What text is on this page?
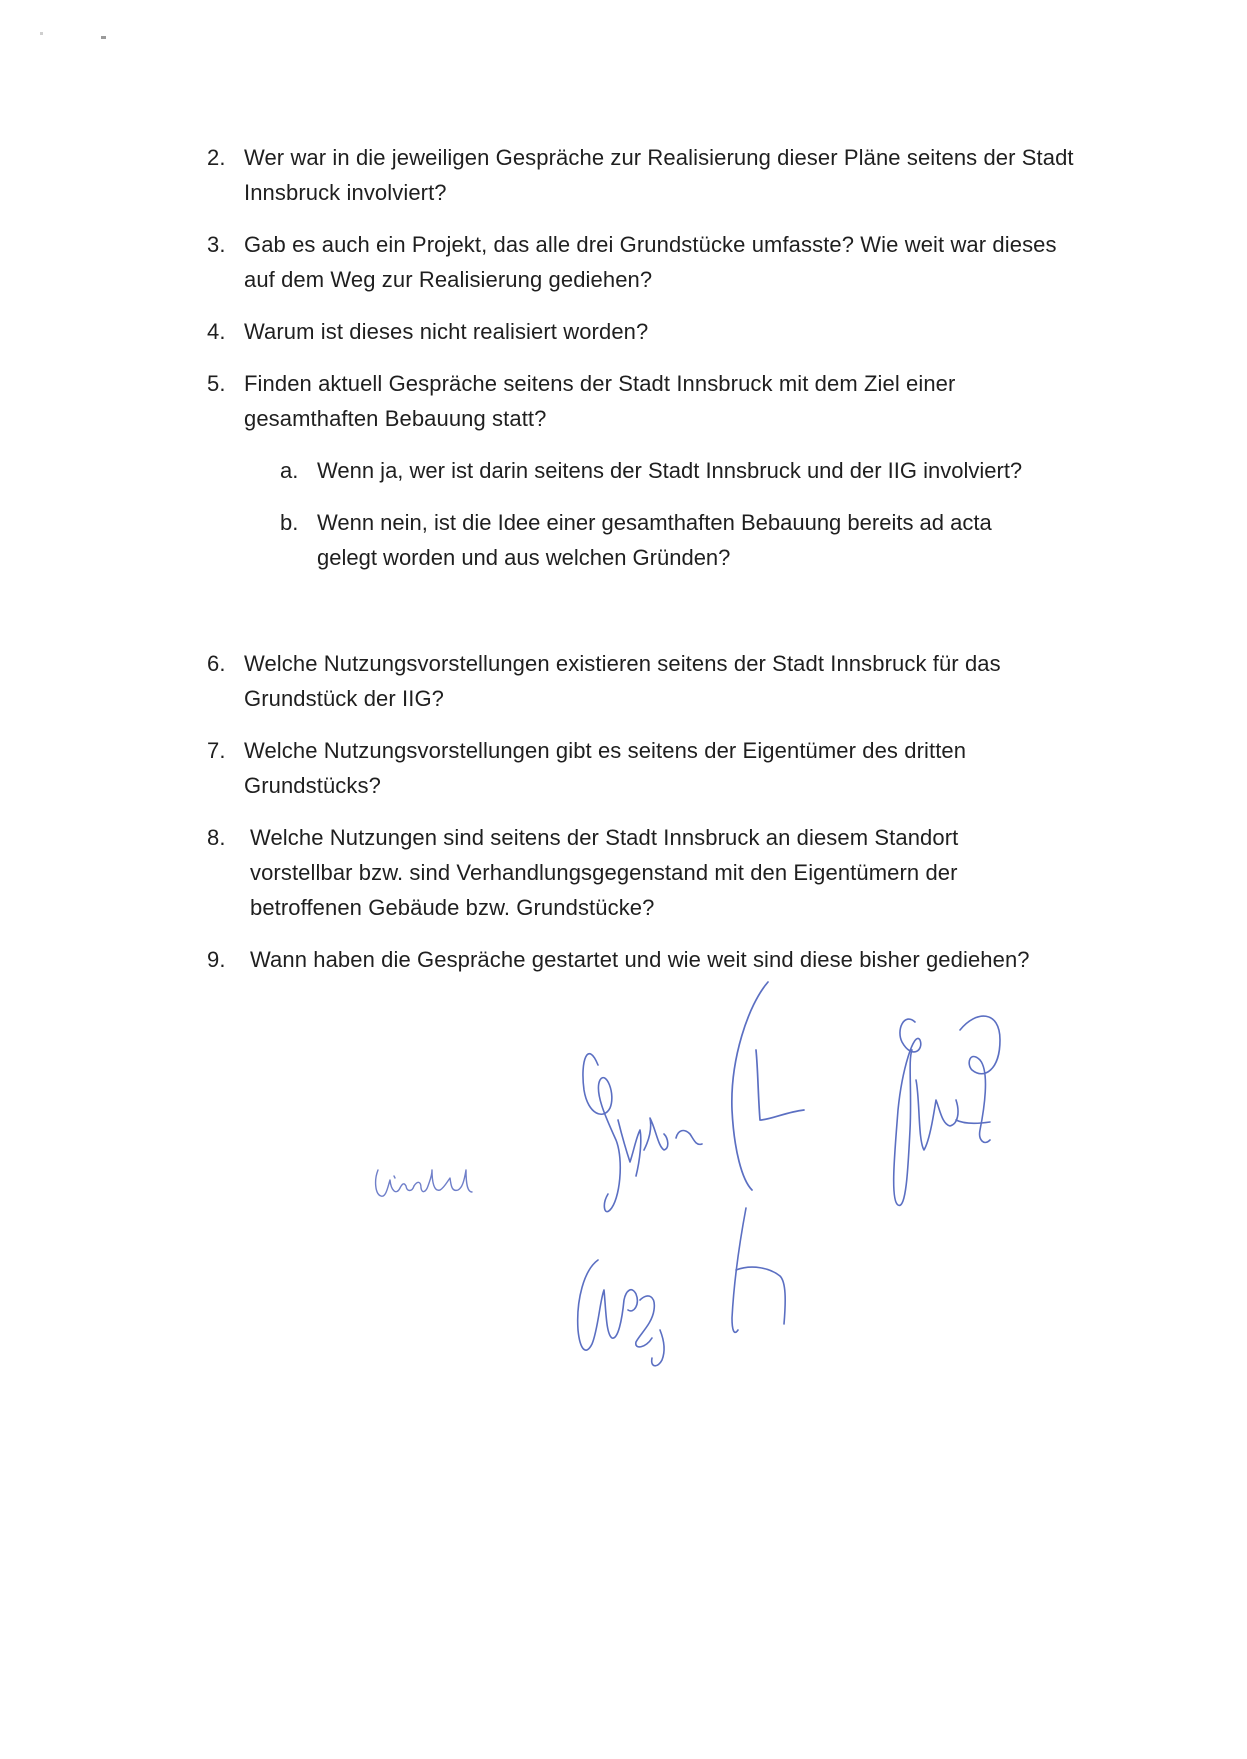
2. Wer war in die jeweiligen Gespräche zur Realisierung dieser Pläne seitens der Stadt Innsbruck involviert?
3. Gab es auch ein Projekt, das alle drei Grundstücke umfasste? Wie weit war dieses auf dem Weg zur Realisierung gediehen?
4. Warum ist dieses nicht realisiert worden?
5. Finden aktuell Gespräche seitens der Stadt Innsbruck mit dem Ziel einer gesamthaften Bebauung statt?
a. Wenn ja, wer ist darin seitens der Stadt Innsbruck und der IIG involviert?
b. Wenn nein, ist die Idee einer gesamthaften Bebauung bereits ad acta gelegt worden und aus welchen Gründen?
6. Welche Nutzungsvorstellungen existieren seitens der Stadt Innsbruck für das Grundstück der IIG?
7. Welche Nutzungsvorstellungen gibt es seitens der Eigentümer des dritten Grundstücks?
8.	Welche Nutzungen sind seitens der Stadt Innsbruck an diesem Standort vorstellbar bzw. sind Verhandlungsgegenstand mit den Eigentümern der betroffenen Gebäude bzw. Grundstücke?
9.	Wann haben die Gespräche gestartet und wie weit sind diese bisher gediehen?
